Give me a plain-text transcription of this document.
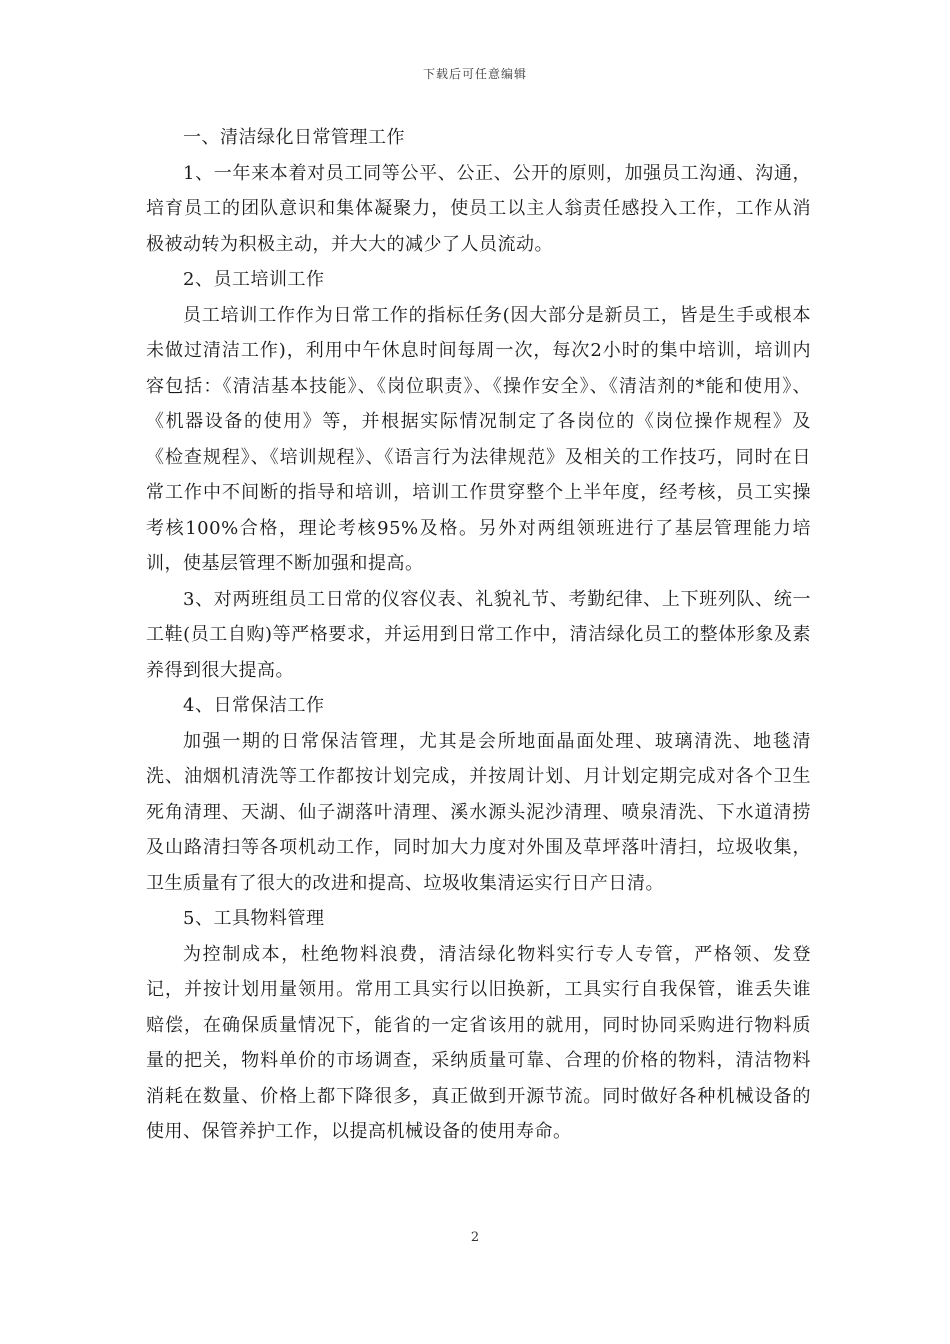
下载后可任意编辑

一、清洁绿化日常管理工作

1、一年来本着对员工同等公平、公正、公开的原则，加强员工沟通、沟通，培育员工的团队意识和集体凝聚力，使员工以主人翁责任感投入工作，工作从消极被动转为积极主动，并大大的减少了人员流动。

2、员工培训工作

员工培训工作作为日常工作的指标任务(因大部分是新员工，皆是生手或根本未做过清洁工作)，利用中午休息时间每周一次，每次2小时的集中培训，培训内容包括：《清洁基本技能》、《岗位职责》、《操作安全》、《清洁剂的*能和使用》、《机器设备的使用》等，并根据实际情况制定了各岗位的《岗位操作规程》及《检查规程》、《培训规程》、《语言行为法律规范》及相关的工作技巧，同时在日常工作中不间断的指导和培训，培训工作贯穿整个上半年度，经考核，员工实操考核100%合格，理论考核95%及格。另外对两组领班进行了基层管理能力培训，使基层管理不断加强和提高。

3、对两班组员工日常的仪容仪表、礼貌礼节、考勤纪律、上下班列队、统一工鞋(员工自购)等严格要求，并运用到日常工作中，清洁绿化员工的整体形象及素养得到很大提高。

4、日常保洁工作

加强一期的日常保洁管理，尤其是会所地面晶面处理、玻璃清洗、地毯清洗、油烟机清洗等工作都按计划完成，并按周计划、月计划定期完成对各个卫生死角清理、天湖、仙子湖落叶清理、溪水源头泥沙清理、喷泉清洗、下水道清捞及山路清扫等各项机动工作，同时加大力度对外围及草坪落叶清扫，垃圾收集，卫生质量有了很大的改进和提高、垃圾收集清运实行日产日清。

5、工具物料管理

为控制成本，杜绝物料浪费，清洁绿化物料实行专人专管，严格领、发登记，并按计划用量领用。常用工具实行以旧换新，工具实行自我保管，谁丢失谁赔偿，在确保质量情况下，能省的一定省该用的就用，同时协同采购进行物料质量的把关，物料单价的市场调查，采纳质量可靠、合理的价格的物料，清洁物料消耗在数量、价格上都下降很多，真正做到开源节流。同时做好各种机械设备的使用、保管养护工作，以提高机械设备的使用寿命。

2
